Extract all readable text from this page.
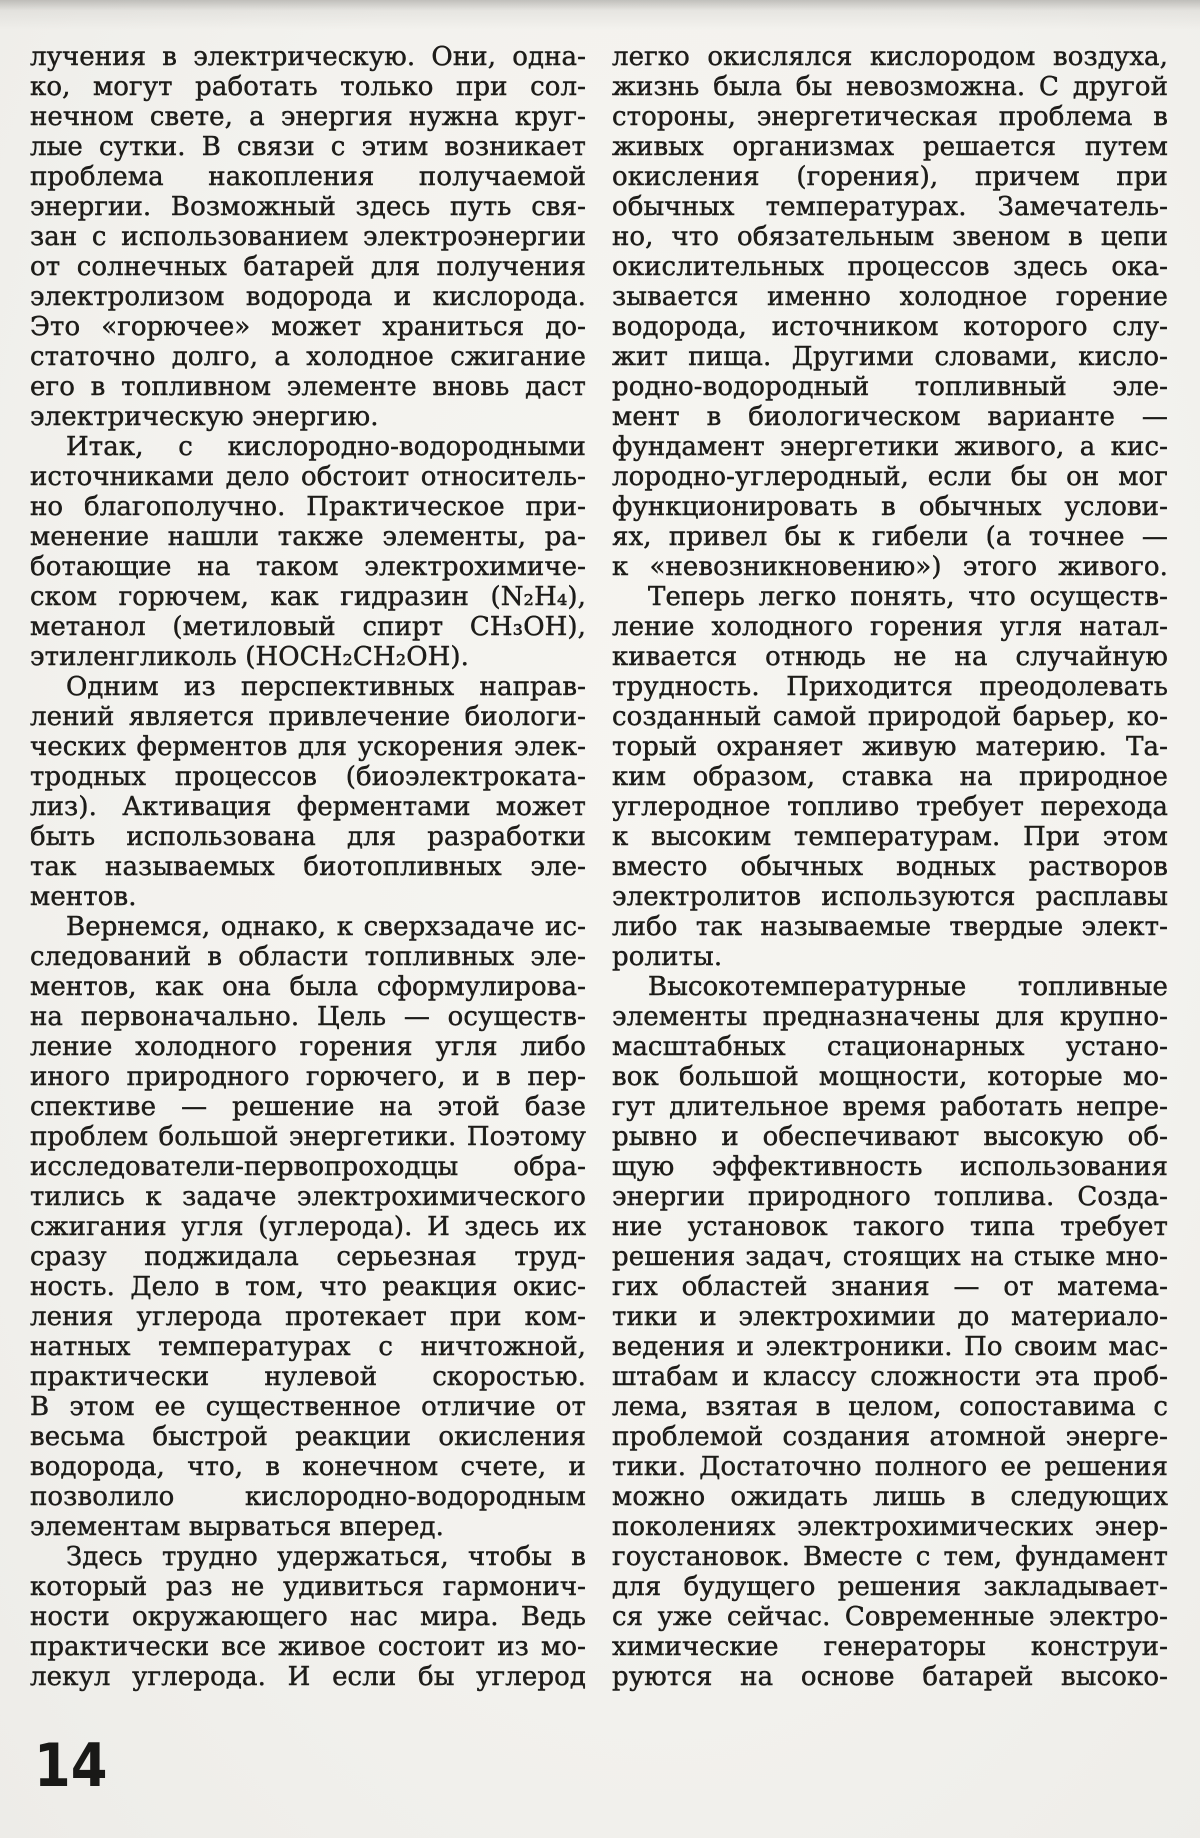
лучения в электрическую. Они, одна-
ко, могут работать только при сол-
нечном свете, а энергия нужна круг-
лые сутки. В связи с этим возникает
проблема накопления получаемой
энергии. Возможный здесь путь свя-
зан с использованием электроэнергии
от солнечных батарей для получения
электролизом водорода и кислорода.
Это «горючее» может храниться до-
статочно долго, а холодное сжигание
его в топливном элементе вновь даст
электрическую энергию.
Итак, с кислородно-водородными
источниками дело обстоит относитель-
но благополучно. Практическое при-
менение нашли также элементы, ра-
ботающие на таком электрохимиче-
ском горючем, как гидразин (N₂H₄),
метанол (метиловый спирт CH₃OH),
этиленгликоль (HOCH₂CH₂OH).
Одним из перспективных направ-
лений является привлечение биологи-
ческих ферментов для ускорения элек-
тродных процессов (биоэлектроката-
лиз). Активация ферментами может
быть использована для разработки
так называемых биотопливных эле-
ментов.
Вернемся, однако, к сверхзадаче ис-
следований в области топливных эле-
ментов, как она была сформулирова-
на первоначально. Цель — осуществ-
ление холодного горения угля либо
иного природного горючего, и в пер-
спективе — решение на этой базе
проблем большой энергетики. Поэтому
исследователи-первопроходцы обра-
тились к задаче электрохимического
сжигания угля (углерода). И здесь их
сразу поджидала серьезная труд-
ность. Дело в том, что реакция окис-
ления углерода протекает при ком-
натных температурах с ничтожной,
практически нулевой скоростью.
В этом ее существенное отличие от
весьма быстрой реакции окисления
водорода, что, в конечном счете, и
позволило кислородно-водородным
элементам вырваться вперед.
Здесь трудно удержаться, чтобы в
который раз не удивиться гармонич-
ности окружающего нас мира. Ведь
практически все живое состоит из мо-
лекул углерода. И если бы углерод
легко окислялся кислородом воздуха,
жизнь была бы невозможна. С другой
стороны, энергетическая проблема в
живых организмах решается путем
окисления (горения), причем при
обычных температурах. Замечатель-
но, что обязательным звеном в цепи
окислительных процессов здесь ока-
зывается именно холодное горение
водорода, источником которого слу-
жит пища. Другими словами, кисло-
родно-водородный топливный эле-
мент в биологическом варианте —
фундамент энергетики живого, а кис-
лородно-углеродный, если бы он мог
функционировать в обычных услови-
ях, привел бы к гибели (а точнее —
к «невозникновению») этого живого.
Теперь легко понять, что осуществ-
ление холодного горения угля натал-
кивается отнюдь не на случайную
трудность. Приходится преодолевать
созданный самой природой барьер, ко-
торый охраняет живую материю. Та-
ким образом, ставка на природное
углеродное топливо требует перехода
к высоким температурам. При этом
вместо обычных водных растворов
электролитов используются расплавы
либо так называемые твердые элект-
ролиты.
Высокотемпературные топливные
элементы предназначены для крупно-
масштабных стационарных устано-
вок большой мощности, которые мо-
гут длительное время работать непре-
рывно и обеспечивают высокую об-
щую эффективность использования
энергии природного топлива. Созда-
ние установок такого типа требует
решения задач, стоящих на стыке мно-
гих областей знания — от матема-
тики и электрохимии до материало-
ведения и электроники. По своим мас-
штабам и классу сложности эта проб-
лема, взятая в целом, сопоставима с
проблемой создания атомной энерге-
тики. Достаточно полного ее решения
можно ожидать лишь в следующих
поколениях электрохимических энер-
гоустановок. Вместе с тем, фундамент
для будущего решения закладывает-
ся уже сейчас. Современные электро-
химические генераторы конструи-
руются на основе батарей высоко-
14
